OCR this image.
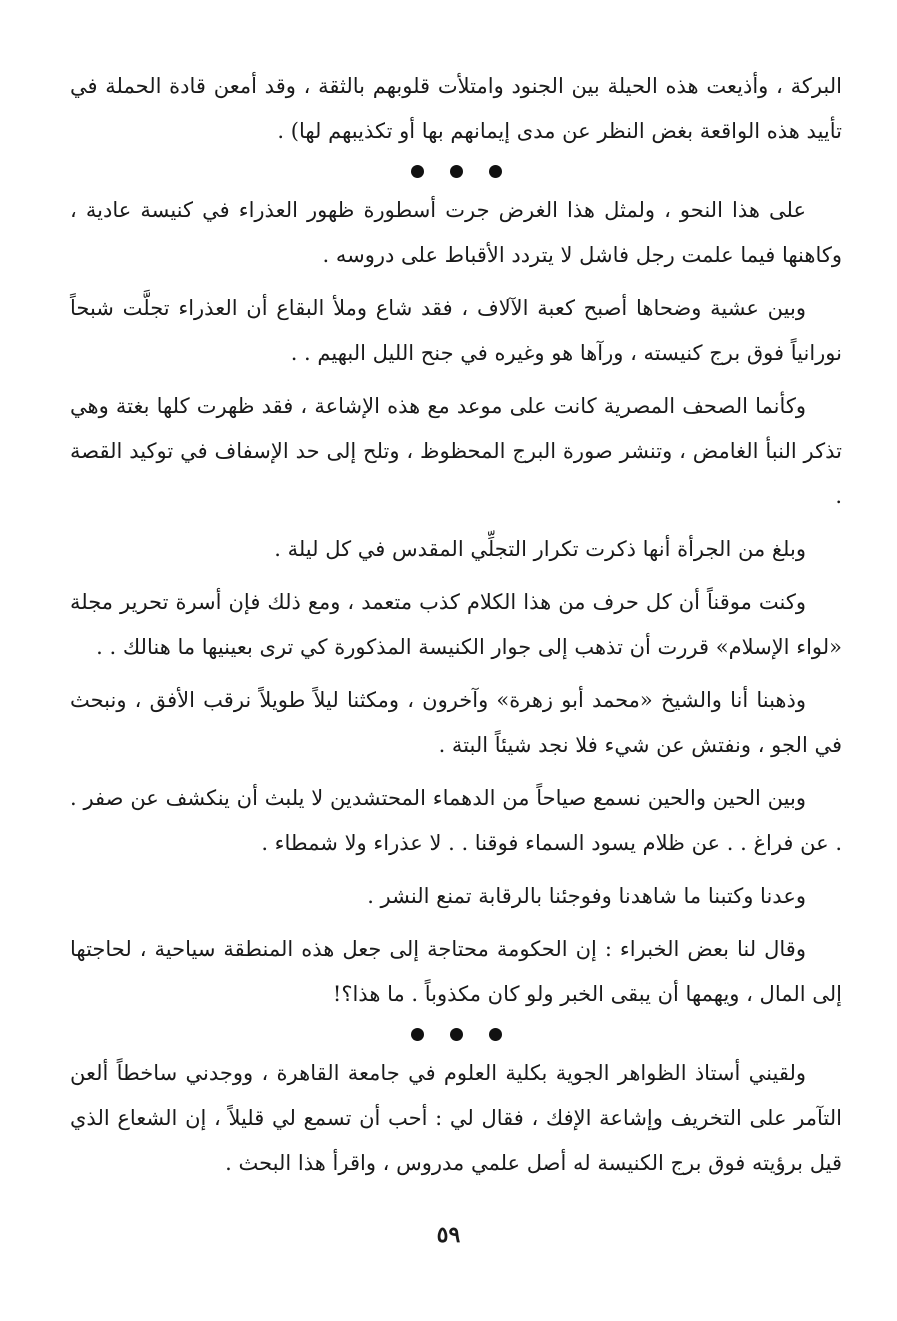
البركة ، وأذيعت هذه الحيلة بين الجنود وامتلأت قلوبهم بالثقة ، وقد أمعن قادة الحملة في تأييد هذه الواقعة بغض النظر عن مدى إيمانهم بها أو تكذيبهم لها) .

على هذا النحو ، ولمثل هذا الغرض جرت أسطورة ظهور العذراء في كنيسة عادية ، وكاهنها فيما علمت رجل فاشل لا يتردد الأقباط على دروسه .

وبين عشية وضحاها أصبح كعبة الآلاف ، فقد شاع وملأ البقاع أن العذراء تجلَّت شبحاً نورانياً فوق برج كنيسته ، ورآها هو وغيره في جنح الليل البهيم . .

وكأنما الصحف المصرية كانت على موعد مع هذه الإشاعة ، فقد ظهرت كلها بغتة وهي تذكر النبأ الغامض ، وتنشر صورة البرج المحظوظ ، وتلح إلى حد الإسفاف في توكيد القصة .

وبلغ من الجرأة أنها ذكرت تكرار التجلِّي المقدس في كل ليلة .

وكنت موقناً أن كل حرف من هذا الكلام كذب متعمد ، ومع ذلك فإن أسرة تحرير مجلة «لواء الإسلام» قررت أن تذهب إلى جوار الكنيسة المذكورة كي ترى بعينيها ما هنالك . .

وذهبنا أنا والشيخ «محمد أبو زهرة» وآخرون ، ومكثنا ليلاً طويلاً نرقب الأفق ، ونبحث في الجو ، ونفتش عن شيء فلا نجد شيئاً البتة .

وبين الحين والحين نسمع صياحاً من الدهماء المحتشدين لا يلبث أن ينكشف عن صفر . . عن فراغ . . عن ظلام يسود السماء فوقنا . . لا عذراء ولا شمطاء .

وعدنا وكتبنا ما شاهدنا وفوجئنا بالرقابة تمنع النشر .

وقال لنا بعض الخبراء : إن الحكومة محتاجة إلى جعل هذه المنطقة سياحية ، لحاجتها إلى المال ، ويهمها أن يبقى الخبر ولو كان مكذوباً . ما هذا؟!

ولقيني أستاذ الظواهر الجوية بكلية العلوم في جامعة القاهرة ، ووجدني ساخطاً ألعن التآمر على التخريف وإشاعة الإفك ، فقال لي : أحب أن تسمع لي قليلاً ، إن الشعاع الذي قيل برؤيته فوق برج الكنيسة له أصل علمي مدروس ، واقرأ هذا البحث .

٥٩
